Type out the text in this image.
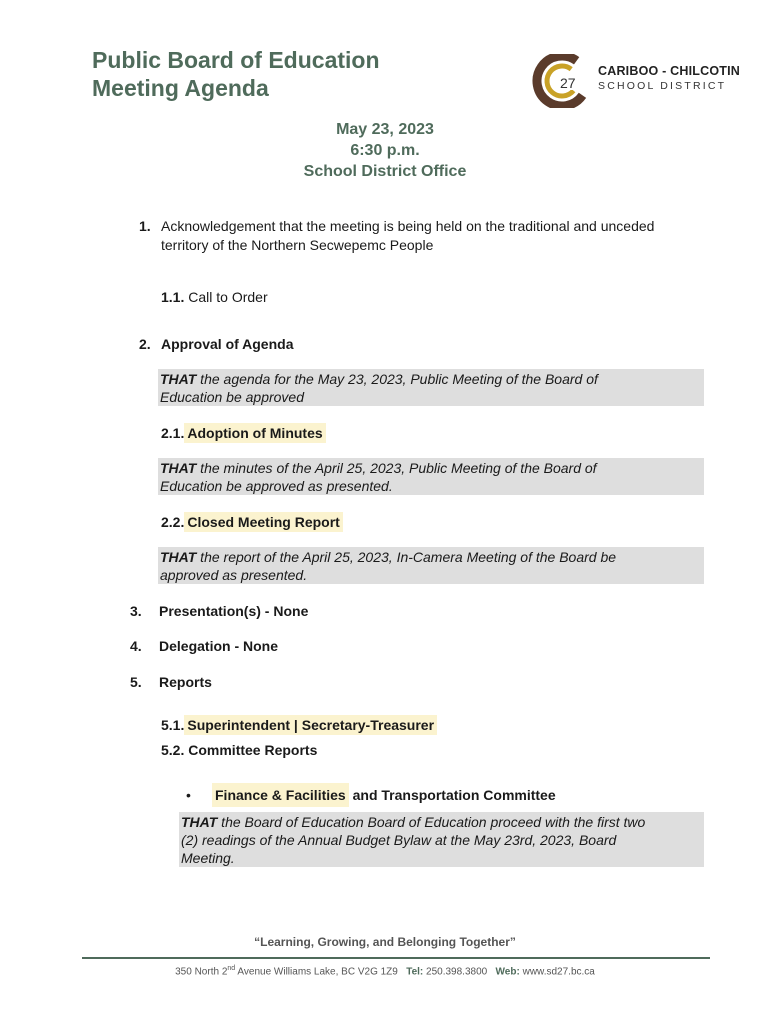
Public Board of Education
Meeting Agenda	27
CARIBOO - CHILCOTIN
SCHOOL DISTRICT
May 23, 2023
6:30 p.m.
School District Office
1. Acknowledgement that the meeting is being held on the traditional and unceded
territory of the Northern Secwepemc People
1.1. Call to Order
2. Approval of Agenda
THAT the agenda for the May 23, 2023, Public Meeting of the Board of
Education be approved
2.1. Adoption of Minutes
THAT the minutes of the April 25, 2023, Public Meeting of the Board of
Education be approved as presented.
2.2. Closed Meeting Report
THAT the report of the April 25, 2023, In-Camera Meeting of the Board be
approved as presented.
3. Presentation(s) - None
4. Delegation - None
5. Reports
5.1. Superintendent | Secretary-Treasurer
5.2. Committee Reports
• Finance & Facilities and Transportation Committee
THAT the Board of Education Board of Education proceed with the first two
(2) readings of the Annual Budget Bylaw at the May 23rd, 2023, Board
Meeting.
“Learning, Growing, and Belonging Together”
350 North 2nd Avenue Williams Lake, BC V2G 1Z9 Tel: 250.398.3800 Web: www.sd27.bc.ca
